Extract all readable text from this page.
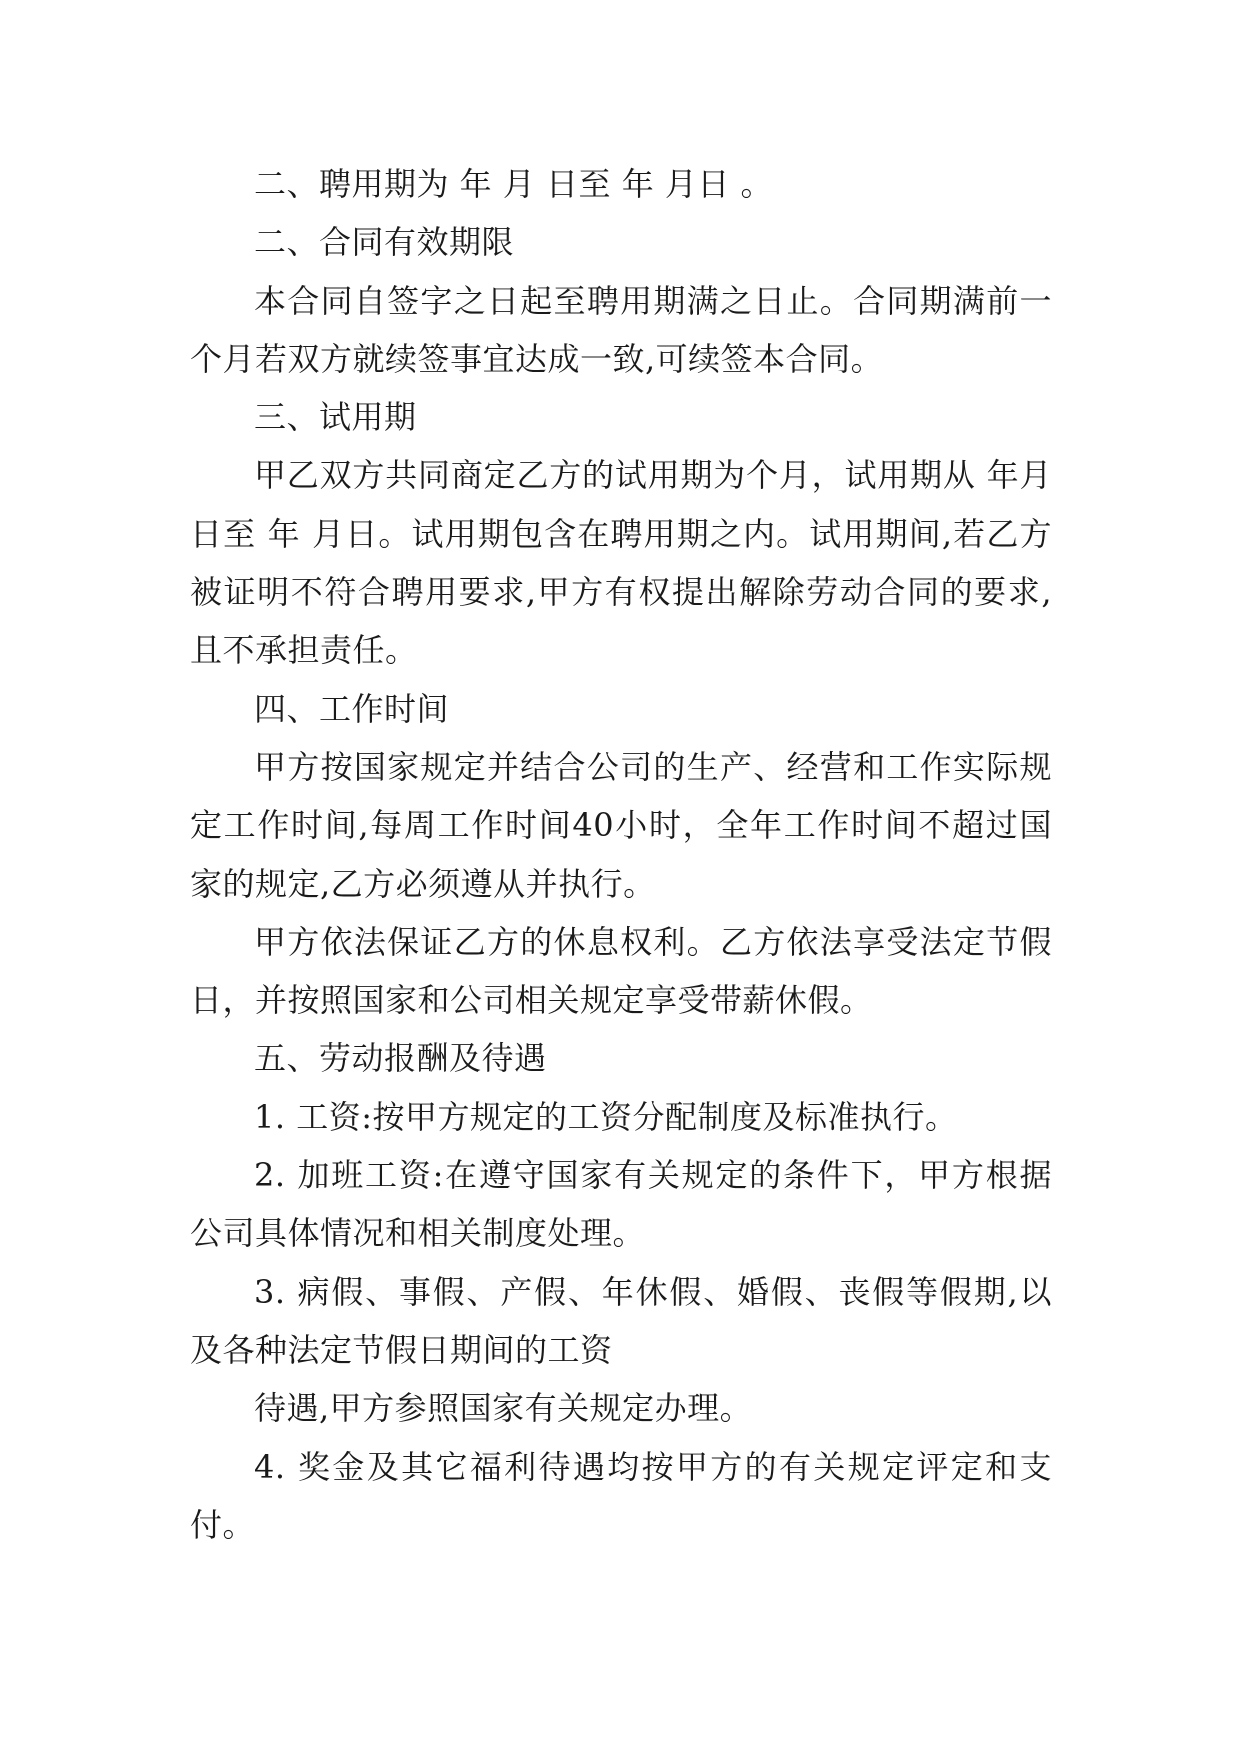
二、聘用期为 年 月 日至 年 月日 。

二、合同有效期限

本合同自签字之日起至聘用期满之日止。合同期满前一个月若双方就续签事宜达成一致,可续签本合同。

三、试用期

甲乙双方共同商定乙方的试用期为个月，试用期从 年月 日至 年 月日。试用期包含在聘用期之内。试用期间,若乙方被证明不符合聘用要求,甲方有权提出解除劳动合同的要求,且不承担责任。

四、工作时间

甲方按国家规定并结合公司的生产、经营和工作实际规定工作时间,每周工作时间40小时，全年工作时间不超过国家的规定,乙方必须遵从并执行。

甲方依法保证乙方的休息权利。乙方依法享受法定节假日，并按照国家和公司相关规定享受带薪休假。

五、劳动报酬及待遇

1. 工资:按甲方规定的工资分配制度及标准执行。

2. 加班工资:在遵守国家有关规定的条件下，甲方根据公司具体情况和相关制度处理。

3. 病假、事假、产假、年休假、婚假、丧假等假期,以及各种法定节假日期间的工资

待遇,甲方参照国家有关规定办理。

4. 奖金及其它福利待遇均按甲方的有关规定评定和支付。
